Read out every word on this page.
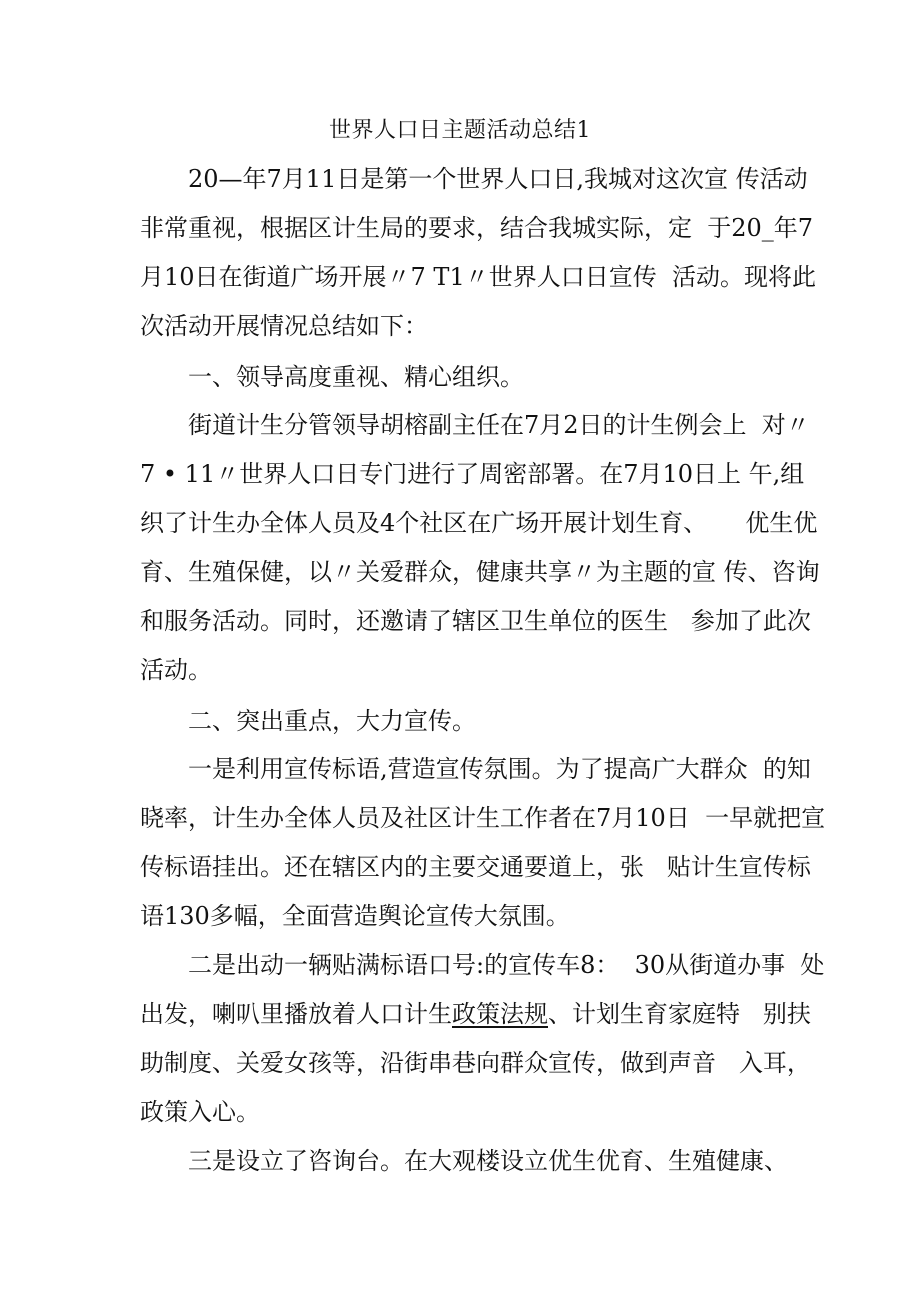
世界人口日主题活动总结1
20—年7月11日是第一个世界人口日,我城对这次宣 传活动
非常重视，根据区计生局的要求，结合我城实际，定  于20_年7
月10日在街道广场开展〃7 T1〃世界人口日宣传  活动。现将此
次活动开展情况总结如下：
一、领导高度重视、精心组织。
街道计生分管领导胡榕副主任在7月2日的计生例会上  对〃
7 • 11〃世界人口日专门进行了周密部署。在7月10日上 午,组
织了计生办全体人员及4个社区在广场开展计划生育、     优生优
育、生殖保健，以〃关爱群众，健康共享〃为主题的宣 传、咨询
和服务活动。同时，还邀请了辖区卫生单位的医生   参加了此次
活动。
二、突出重点，大力宣传。
一是利用宣传标语,营造宣传氛围。为了提高广大群众  的知
晓率，计生办全体人员及社区计生工作者在7月10日  一早就把宣
传标语挂出。还在辖区内的主要交通要道上，张   贴计生宣传标
语130多幅，全面营造舆论宣传大氛围。
二是出动一辆贴满标语口号:的宣传车8：  30从街道办事  处
出发，喇叭里播放着人口计生政策法规、计划生育家庭特   别扶
助制度、关爱女孩等，沿街串巷向群众宣传，做到声音   入耳，
政策入心。
三是设立了咨询台。在大观楼设立优生优育、生殖健康、
